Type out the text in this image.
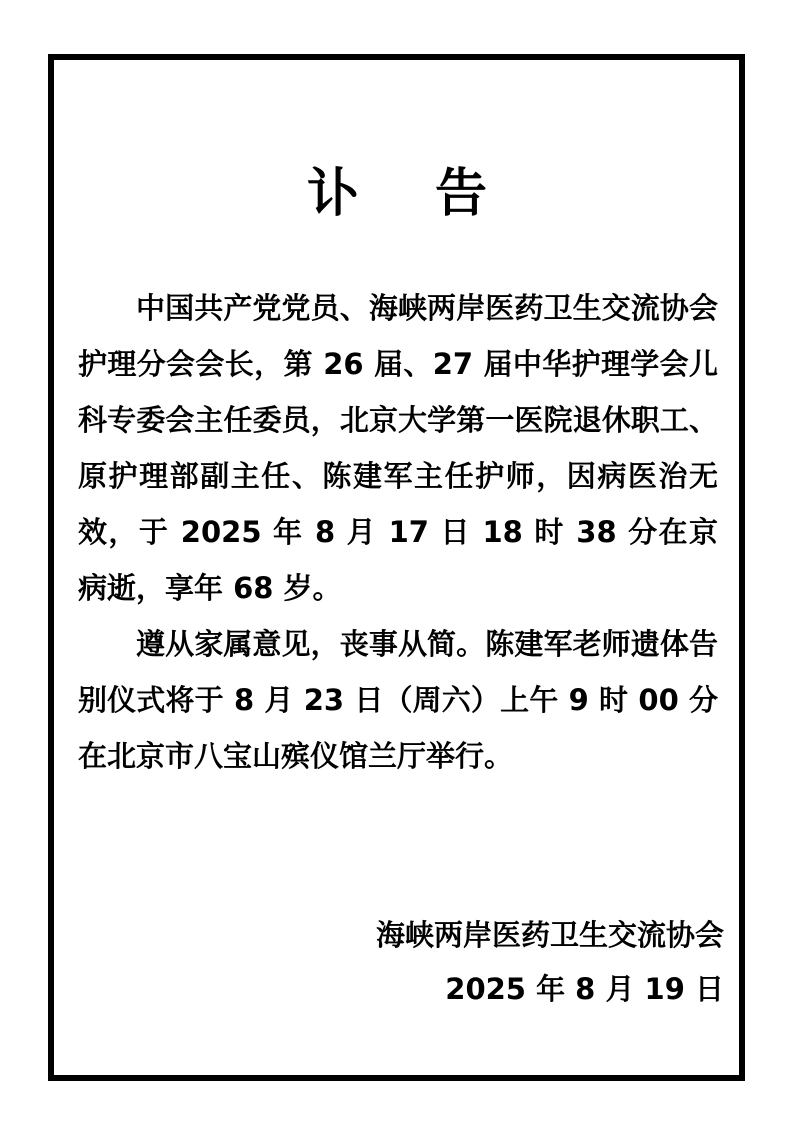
讣告

中国共产党党员、海峡两岸医药卫生交流协会护理分会会长，第 26 届、27 届中华护理学会儿科专委会主任委员，北京大学第一医院退休职工、原护理部副主任、陈建军主任护师，因病医治无效，于 2025 年 8 月 17 日 18 时 38 分在京病逝，享年 68 岁。

遵从家属意见，丧事从简。陈建军老师遗体告别仪式将于 8 月 23 日（周六）上午 9 时 00 分在北京市八宝山殡仪馆兰厅举行。

海峡两岸医药卫生交流协会
2025 年 8 月 19 日
